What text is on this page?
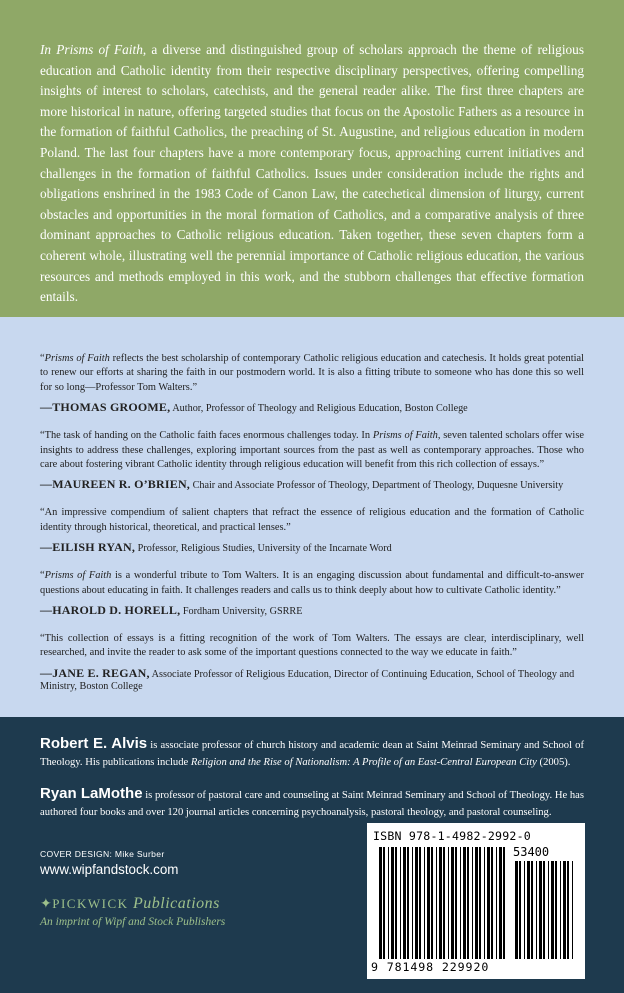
In Prisms of Faith, a diverse and distinguished group of scholars approach the theme of religious education and Catholic identity from their respective disciplinary perspectives, offering compelling insights of interest to scholars, catechists, and the general reader alike. The first three chapters are more historical in nature, offering targeted studies that focus on the Apostolic Fathers as a resource in the formation of faithful Catholics, the preaching of St. Augustine, and religious education in modern Poland. The last four chapters have a more contemporary focus, approaching current initiatives and challenges in the formation of faithful Catholics. Issues under consideration include the rights and obligations enshrined in the 1983 Code of Canon Law, the catechetical dimension of liturgy, current obstacles and opportunities in the moral formation of Catholics, and a comparative analysis of three dominant approaches to Catholic religious education. Taken together, these seven chapters form a coherent whole, illustrating well the perennial importance of Catholic religious education, the various resources and methods employed in this work, and the stubborn challenges that effective formation entails.

“Prisms of Faith reflects the best scholarship of contemporary Catholic religious education and catechesis. It holds great potential to renew our efforts at sharing the faith in our postmodern world. It is also a fitting tribute to someone who has done this so well for so long—Professor Tom Walters.”

—THOMAS GROOME, Author, Professor of Theology and Religious Education, Boston College

“The task of handing on the Catholic faith faces enormous challenges today. In Prisms of Faith, seven talented scholars offer wise insights to address these challenges, exploring important sources from the past as well as contemporary approaches. Those who care about fostering vibrant Catholic identity through religious education will benefit from this rich collection of essays.”

—MAUREEN R. O’BRIEN, Chair and Associate Professor of Theology, Department of Theology, Duquesne University

“An impressive compendium of salient chapters that refract the essence of religious education and the formation of Catholic identity through historical, theoretical, and practical lenses.”

—EILISH RYAN, Professor, Religious Studies, University of the Incarnate Word

“Prisms of Faith is a wonderful tribute to Tom Walters. It is an engaging discussion about fundamental and difficult-to-answer questions about educating in faith. It challenges readers and calls us to think deeply about how to cultivate Catholic identity.”

—HAROLD D. HORELL, Fordham University, GSRRE

“This collection of essays is a fitting recognition of the work of Tom Walters. The essays are clear, interdisciplinary, well researched, and invite the reader to ask some of the important questions connected to the way we educate in faith.”

—JANE E. REGAN, Associate Professor of Religious Education, Director of Continuing Education, School of Theology and Ministry, Boston College

Robert E. Alvis is associate professor of church history and academic dean at Saint Meinrad Seminary and School of Theology. His publications include Religion and the Rise of Nationalism: A Profile of an East-Central European City (2005).

Ryan LaMothe is professor of pastoral care and counseling at Saint Meinrad Seminary and School of Theology. He has authored four books and over 120 journal articles concerning psychoanalysis, pastoral theology, and pastoral counseling.

COVER DESIGN: Mike Surber
www.wipfandstock.com
✦PICKWICK Publications
An imprint of Wipf and Stock Publishers
ISBN 978-1-4982-2992-0
53400
9 781498 229920
